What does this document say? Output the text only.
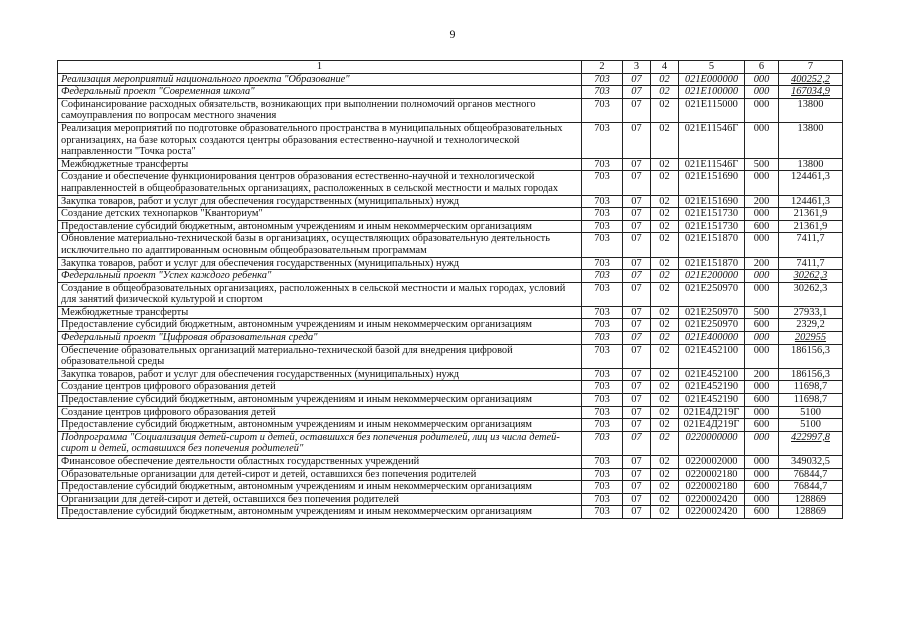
9
1	2	3	4	5	6	7
Реализация мероприятий национального проекта "Образование"	703	07	02	021E000000	000	400252,2
Федеральный проект "Современная школа"	703	07	02	021E100000	000	167034,9
Софинансирование расходных обязательств, возникающих при выполнении полномочий органов местного самоуправления по вопросам местного значения	703	07	02	021E115000	000	13800
Реализация мероприятий по подготовке образовательного пространства в муниципальных общеобразовательных организациях, на базе которых создаются центры образования естественно-научной и технологической направленности "Точка роста"	703	07	02	021E11546Г	000	13800
Межбюджетные трансферты	703	07	02	021E11546Г	500	13800
Создание и обеспечение функционирования центров образования естественно-научной и технологической направленностей в общеобразовательных организациях, расположенных в сельской местности и малых городах	703	07	02	021E151690	000	124461,3
Закупка товаров, работ и услуг для обеспечения государственных (муниципальных) нужд	703	07	02	021E151690	200	124461,3
Создание детских технопарков "Кванториум"	703	07	02	021E151730	000	21361,9
Предоставление субсидий бюджетным, автономным учреждениям и иным некоммерческим организациям	703	07	02	021E151730	600	21361,9
Обновление материально-технической базы в организациях, осуществляющих образовательную деятельность исключительно по адаптированным основным общеобразовательным программам	703	07	02	021E151870	000	7411,7
Закупка товаров, работ и услуг для обеспечения государственных (муниципальных) нужд	703	07	02	021E151870	200	7411,7
Федеральный проект "Успех каждого ребенка"	703	07	02	021E200000	000	30262,3
Создание в общеобразовательных организациях, расположенных в сельской местности и малых городах, условий для занятий физической культурой и спортом	703	07	02	021E250970	000	30262,3
Межбюджетные трансферты	703	07	02	021E250970	500	27933,1
Предоставление субсидий бюджетным, автономным учреждениям и иным некоммерческим организациям	703	07	02	021E250970	600	2329,2
Федеральный проект "Цифровая образовательная среда"	703	07	02	021E400000	000	202955
Обеспечение образовательных организаций материально-технической базой для внедрения цифровой образовательной среды	703	07	02	021E452100	000	186156,3
Закупка товаров, работ и услуг для обеспечения государственных (муниципальных) нужд	703	07	02	021E452100	200	186156,3
Создание центров цифрового образования детей	703	07	02	021E452190	000	11698,7
Предоставление субсидий бюджетным, автономным учреждениям и иным некоммерческим организациям	703	07	02	021E452190	600	11698,7
Создание центров цифрового образования детей	703	07	02	021E4Д219Г	000	5100
Предоставление субсидий бюджетным, автономным учреждениям и иным некоммерческим организациям	703	07	02	021E4Д219Г	600	5100
Подпрограмма "Социализация детей-сирот и детей, оставшихся без попечения родителей, лиц из числа детей-сирот и детей, оставшихся без попечения родителей"	703	07	02	0220000000	000	422997,8
Финансовое обеспечение деятельности областных государственных учреждений	703	07	02	0220002000	000	349032,5
Образовательные организации для детей-сирот и детей, оставшихся без попечения родителей	703	07	02	0220002180	000	76844,7
Предоставление субсидий бюджетным, автономным учреждениям и иным некоммерческим организациям	703	07	02	0220002180	600	76844,7
Организации для детей-сирот и детей, оставшихся без попечения родителей	703	07	02	0220002420	000	128869
Предоставление субсидий бюджетным, автономным учреждениям и иным некоммерческим организациям	703	07	02	0220002420	600	128869
